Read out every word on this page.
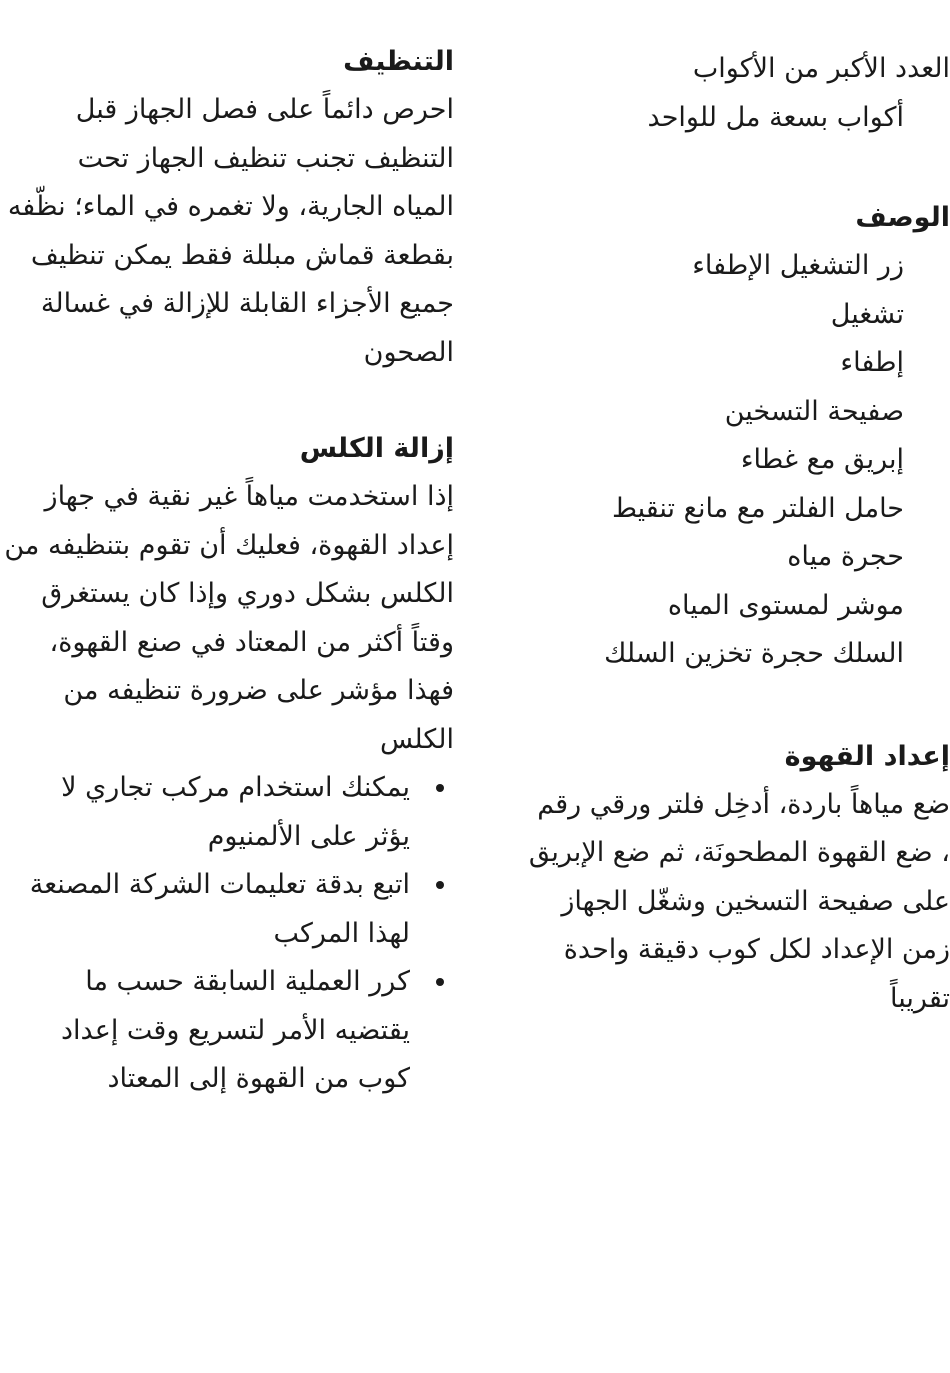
العدد الأكبر من الأكواب

أكواب بسعة مل للواحد

الوصف

زر التشغيل الإطفاء

تشغيل

إطفاء

صفيحة التسخين

إبريق مع غطاء

حامل الفلتر مع مانع تنقيط

حجرة مياه

موشر لمستوى المياه

السلك حجرة تخزين السلك

إعداد القهوة

ضع مياهاً باردة، أدخِل فلتر ورقي رقم

، ضع القهوة المطحونَة، ثم ضع الإبريق

على صفيحة التسخين وشغّل الجهاز

زمن الإعداد لكل كوب دقيقة واحدة

تقريباً

التنظيف

احرص دائماً على فصل الجهاز قبل

التنظيف تجنب تنظيف الجهاز تحت

المياه الجارية، ولا تغمره في الماء؛ نظّفه

بقطعة قماش مبللة فقط يمكن تنظيف

جميع الأجزاء القابلة للإزالة في غسالة

الصحون

إزالة الكلس

إذا استخدمت مياهاً غير نقية في جهاز

إعداد القهوة، فعليك أن تقوم بتنظيفه من

الكلس بشكل دوري وإذا كان يستغرق

وقتاً أكثر من المعتاد في صنع القهوة،

فهذا مؤشر على ضرورة تنظيفه من

الكلس

يمكنك استخدام مركب تجاري لا

يؤثر على الألمنيوم

اتبع بدقة تعليمات الشركة المصنعة

لهذا المركب

كرر العملية السابقة حسب ما

يقتضيه الأمر لتسريع وقت إعداد

كوب من القهوة إلى المعتاد
